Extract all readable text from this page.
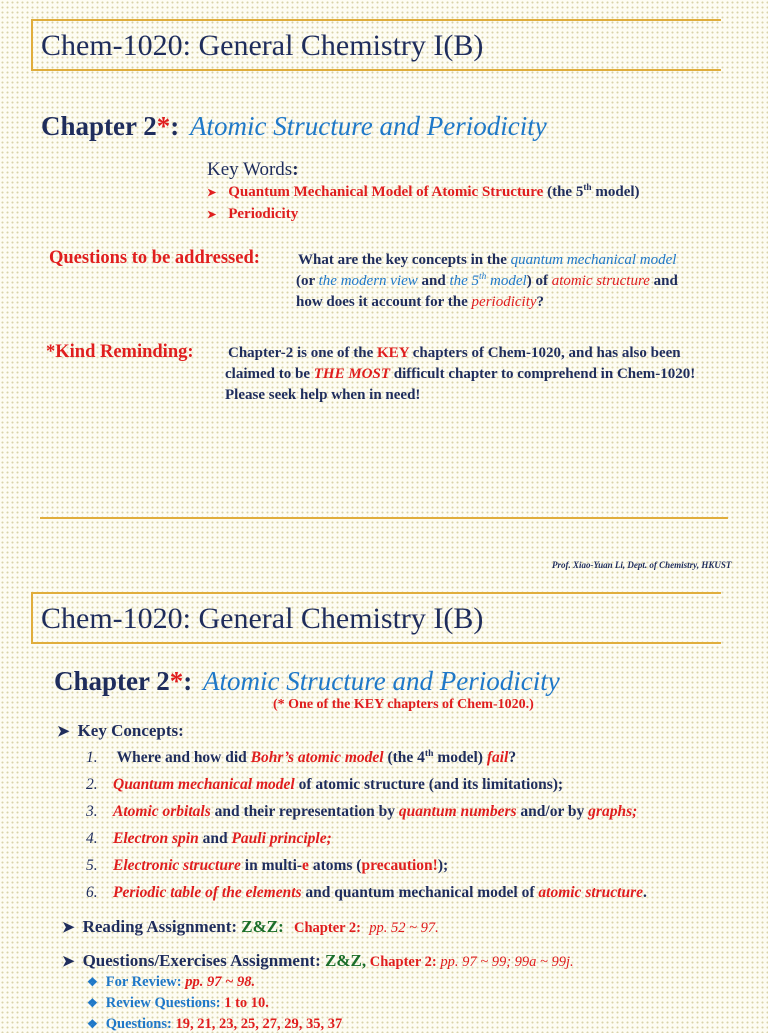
Chem-1020: General Chemistry I(B)
Chapter 2*: Atomic Structure and Periodicity
Key Words:
➤ Quantum Mechanical Model of Atomic Structure (the 5th model)
➤ Periodicity
Questions to be addressed:	What are the key concepts in the quantum mechanical model
(or the modern view and the 5th model) of atomic structure and
how does it account for the periodicity?
*Kind Reminding: Chapter-2 is one of the KEY chapters of Chem-1020, and has also been
claimed to be THE MOST difficult chapter to comprehend in Chem-1020!
Please seek help when in need!
Prof. Xiao-Yuan Li, Dept. of Chemistry, HKUST
Chem-1020: General Chemistry I(B)
Chapter 2*: Atomic Structure and Periodicity
(* One of the KEY chapters of Chem-1020.)
➤ Key Concepts:
1. Where and how did Bohr’s atomic model (the 4th model) fail?
2. Quantum mechanical model of atomic structure (and its limitations);
3. Atomic orbitals and their representation by quantum numbers and/or by graphs;
4. Electron spin and Pauli principle;
5. Electronic structure in multi-e atoms (precaution!);
6. Periodic table of the elements and quantum mechanical model of atomic structure.
➤ Reading Assignment: Z&Z: Chapter 2: pp. 52 ~ 97.
➤ Questions/Exercises Assignment: Z&Z, Chapter 2: pp. 97 ~ 99; 99a ~ 99j.
❖ For Review: pp. 97 ~ 98.
❖ Review Questions: 1 to 10.
❖ Questions: 19, 21, 23, 25, 27, 29, 35, 37
